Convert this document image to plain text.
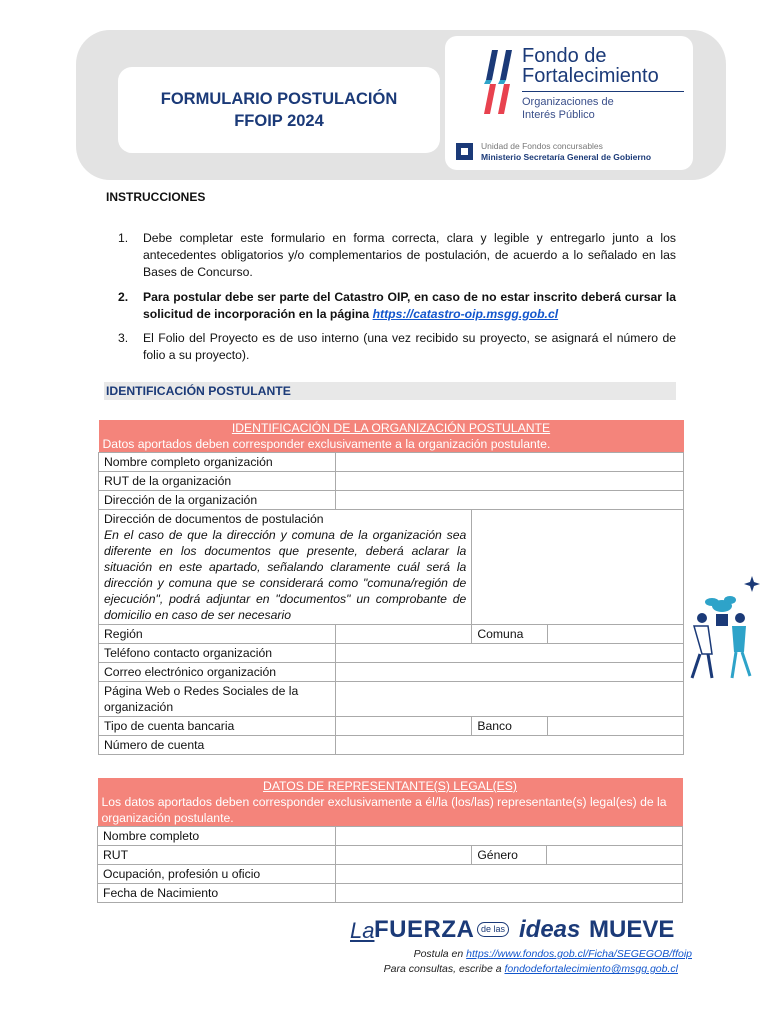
FORMULARIO POSTULACIÓN
FFOIP 2024
Fondo de
Fortalecimiento
Organizaciones de
Interés Público
Unidad de Fondos concursables
Ministerio Secretaría General de Gobierno
INSTRUCCIONES
1. Debe completar este formulario en forma correcta, clara y legible y entregarlo junto a los antecedentes obligatorios y/o complementarios de postulación, de acuerdo a lo señalado en las Bases de Concurso.
2. Para postular debe ser parte del Catastro OIP, en caso de no estar inscrito deberá cursar la solicitud de incorporación en la página https://catastro-oip.msgg.gob.cl
3. El Folio del Proyecto es de uso interno (una vez recibido su proyecto, se asignará el número de folio a su proyecto).
IDENTIFICACIÓN POSTULANTE
IDENTIFICACIÓN DE LA ORGANIZACIÓN POSTULANTE
Datos aportados deben corresponder exclusivamente a la organización postulante.			

Nombre completo organización			
RUT de la organización			
Dirección de la organización			

Dirección de documentos de postulación
En el caso de que la dirección y comuna de la organización sea diferente en los documentos que presente, deberá aclarar la situación en este apartado, señalando claramente cuál será la dirección y comuna que se considerará como "comuna/región de ejecución", podrá adjuntar en "documentos" un comprobante de domicilio en caso de ser necesario			
Región		Comuna	
Teléfono contacto organización			
Correo electrónico organización			
Página Web o Redes Sociales de la organización			
Tipo de cuenta bancaria		Banco	
Número de cuenta			
DATOS DE REPRESENTANTE(S) LEGAL(ES)
Los datos aportados deben corresponder exclusivamente a él/la (los/las) representante(s) legal(es) de la organización postulante.			

Nombre completo			
RUT		Género	
Ocupación, profesión u oficio			
Fecha de Nacimiento			
La FUERZA de las ideas MUEVE
Postula en https://www.fondos.gob.cl/Ficha/SEGEGOB/ffoip
Para consultas, escribe a fondodefortalecimiento@msgg.gob.cl
